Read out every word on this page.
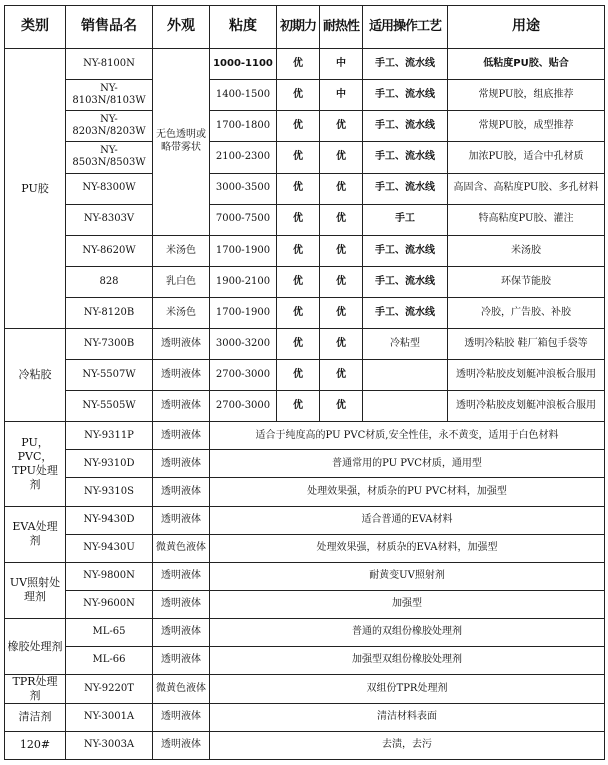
类别	销售品名	外观	粘度	初期力	耐热性	适用操作工艺	用途
PU胶	NY-8100N	无色透明或略带雾状	1000-1100	优	中	手工、流水线	低粘度PU胶、贴合
	NY-8103N/8103W		1400-1500	优	中	手工、流水线	常规PU胶，组底推荐
	NY-8203N/8203W		1700-1800	优	优	手工、流水线	常规PU胶，成型推荐
	NY-8503N/8503W		2100-2300	优	优	手工、流水线	加浓PU胶，适合中孔材质
	NY-8300W		3000-3500	优	优	手工、流水线	高固含、高粘度PU胶、多孔材料
	NY-8303V		7000-7500	优	优	手工	特高粘度PU胶、灌注
	NY-8620W	米汤色	1700-1900	优	优	手工、流水线	米汤胶
	828	乳白色	1900-2100	优	优	手工、流水线	环保节能胶
	NY-8120B	米汤色	1700-1900	优	优	手工、流水线	冷胶，广告胶、补胶
冷粘胶	NY-7300B	透明液体	3000-3200	优	优	冷粘型	透明冷粘胶 鞋厂箱包手袋等
	NY-5507W	透明液体	2700-3000	优	优		透明冷粘胶皮划艇冲浪板合服用
	NY-5505W	透明液体	2700-3000	优	优		透明冷粘胶皮划艇冲浪板合服用
PU，PVC，TPU处理剂	NY-9311P	透明液体	适合于纯度高的PU PVC材质,安全性佳，永不黄变，适用于白色材料				
	NY-9310D	透明液体	普通常用的PU PVC材质，通用型				
	NY-9310S	透明液体	处理效果强，材质杂的PU PVC材料，加强型				
EVA处理剂	NY-9430D	透明液体	适合普通的EVA材料				
	NY-9430U	微黄色液体	处理效果强，材质杂的EVA材料，加强型				
UV照射处理剂	NY-9800N	透明液体	耐黄变UV照射剂				
	NY-9600N	透明液体	加强型				
橡胶处理剂	ML-65	透明液体	普通的双组份橡胶处理剂				
	ML-66	透明液体	加强型双组份橡胶处理剂				
TPR处理剂	NY-9220T	微黄色液体	双组份TPR处理剂				
清洁剂	NY-3001A	透明液体	清洁材料表面				
120#	NY-3003A	透明液体	去渍，去污				
